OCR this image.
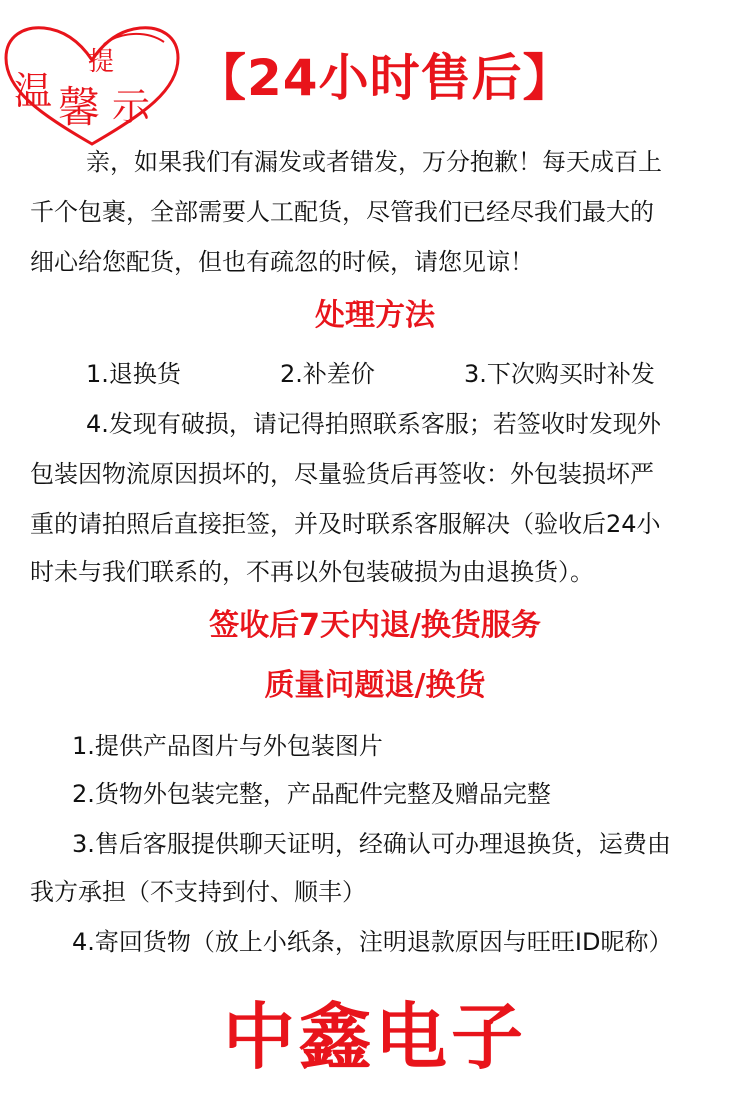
温
提
馨 示 【24小时售后】
亲，如果我们有漏发或者错发，万分抱歉！每天成百上
千个包裹，全部需要人工配货，尽管我们已经尽我们最大的
细心给您配货，但也有疏忽的时候，请您见谅！
处理方法
1.退换货	2.补差价	3.下次购买时补发
4.发现有破损，请记得拍照联系客服；若签收时发现外
包装因物流原因损坏的，尽量验货后再签收：外包装损坏严
重的请拍照后直接拒签，并及时联系客服解决（验收后24小
时未与我们联系的，不再以外包装破损为由退换货）。
签收后7天内退/换货服务
质量问题退/换货
1.提供产品图片与外包装图片
2.货物外包装完整，产品配件完整及赠品完整
3.售后客服提供聊天证明，经确认可办理退换货，运费由
我方承担（不支持到付、顺丰）
4.寄回货物（放上小纸条，注明退款原因与旺旺ID昵称）
中鑫电子
